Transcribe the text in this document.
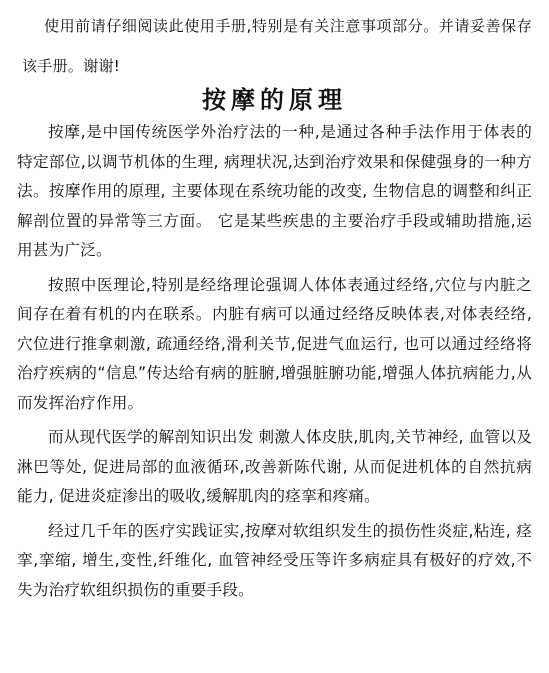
使用前请仔细阅读此使用手册,特别是有关注意事项部分。并请妥善保存该手册。谢谢!

按摩的原理

按摩,是中国传统医学外治疗法的一种,是通过各种手法作用于体表的特定部位,以调节机体的生理, 病理状况,达到治疗效果和保健强身的一种方法。按摩作用的原理, 主要体现在系统功能的改变, 生物信息的调整和纠正解剖位置的异常等三方面。 它是某些疾患的主要治疗手段或辅助措施,运用甚为广泛。

按照中医理论,特别是经络理论强调人体体表通过经络,穴位与内脏之间存在着有机的内在联系。内脏有病可以通过经络反映体表,对体表经络, 穴位进行推拿刺激, 疏通经络,滑利关节,促进气血运行, 也可以通过经络将治疗疾病的“信息”传达给有病的脏腑,增强脏腑功能,增强人体抗病能力,从而发挥治疗作用。

而从现代医学的解剖知识出发 刺激人体皮肤,肌肉,关节神经, 血管以及淋巴等处, 促进局部的血液循环,改善新陈代谢, 从而促进机体的自然抗病能力, 促进炎症渗出的吸收,缓解肌肉的痉挛和疼痛。

经过几千年的医疗实践证实,按摩对软组织发生的损伤性炎症,粘连, 痉挛,挛缩, 增生,变性,纤维化, 血管神经受压等许多病症具有极好的疗效,不失为治疗软组织损伤的重要手段。
